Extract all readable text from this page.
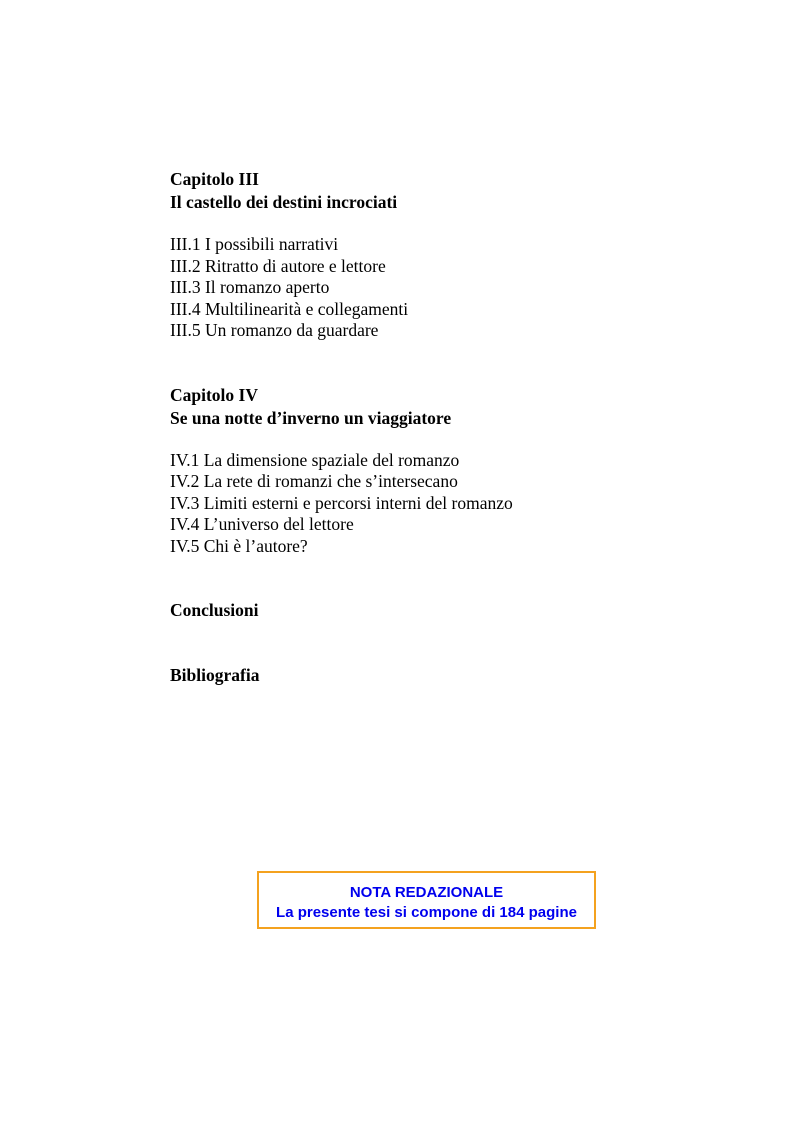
Capitolo III
Il castello dei destini incrociati
III.1 I possibili narrativi
III.2 Ritratto di autore e lettore
III.3 Il romanzo aperto
III.4 Multilinearità e collegamenti
III.5 Un romanzo da guardare
Capitolo IV
Se una notte d’inverno un viaggiatore
IV.1 La dimensione spaziale del romanzo
IV.2 La rete di romanzi che s’intersecano
IV.3 Limiti esterni e percorsi interni del romanzo
IV.4 L’universo del lettore
IV.5 Chi è l’autore?
Conclusioni
Bibliografia
NOTA REDAZIONALE
La presente tesi si compone di 184 pagine
